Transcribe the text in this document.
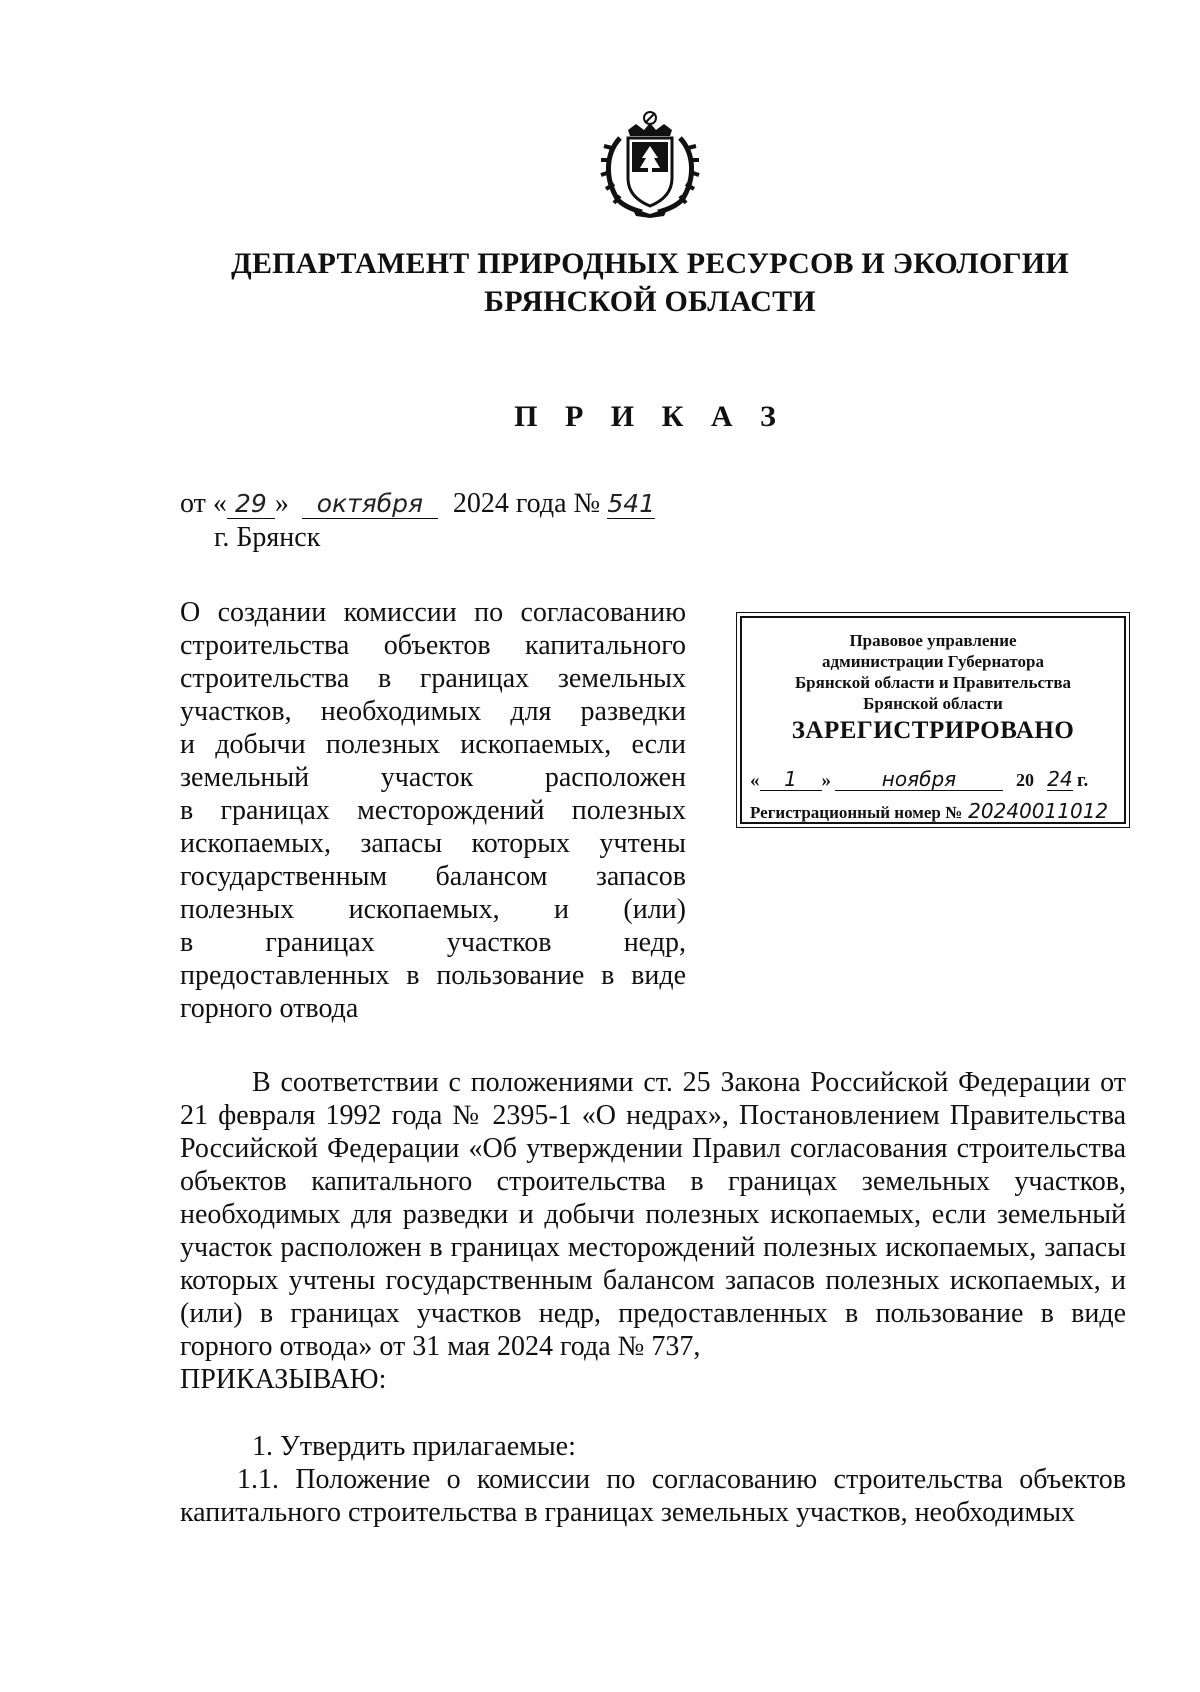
ДЕПАРТАМЕНТ ПРИРОДНЫХ РЕСУРСОВ И ЭКОЛОГИИ
БРЯНСКОЙ ОБЛАСТИ
П Р И К А З
от « 29 » октября 2024 года № 541
г. Брянск
О создании комиссии по согласованию
строительства объектов капитального
строительства в границах земельных
участков, необходимых для разведки
и добычи полезных ископаемых, если
земельный участок расположен
в границах месторождений полезных
ископаемых, запасы которых учтены
государственным балансом запасов
полезных ископаемых, и (или)
в границах участков недр,
предоставленных в пользование в виде
горного отвода
Правовое управление
администрации Губернатора
Брянской области и Правительства
Брянской области
ЗАРЕГИСТРИРОВАНО
« 1 »	ноября	20 24 г.
Регистрационный номер № 20240011012
В соответствии с положениями ст. 25 Закона Российской Федерации от 21 февраля 1992 года № 2395-1 «О недрах», Постановлением Правительства Российской Федерации «Об утверждении Правил согласования строительства объектов капитального строительства в границах земельных участков, необходимых для разведки и добычи полезных ископаемых, если земельный участок расположен в границах месторождений полезных ископаемых, запасы которых учтены государственным балансом запасов полезных ископаемых, и (или) в границах участков недр, предоставленных в пользование в виде горного отвода» от 31 мая 2024 года № 737,
ПРИКАЗЫВАЮ:
1. Утвердить прилагаемые:
1.1. Положение о комиссии по согласованию строительства объектов капитального строительства в границах земельных участков, необходимых
